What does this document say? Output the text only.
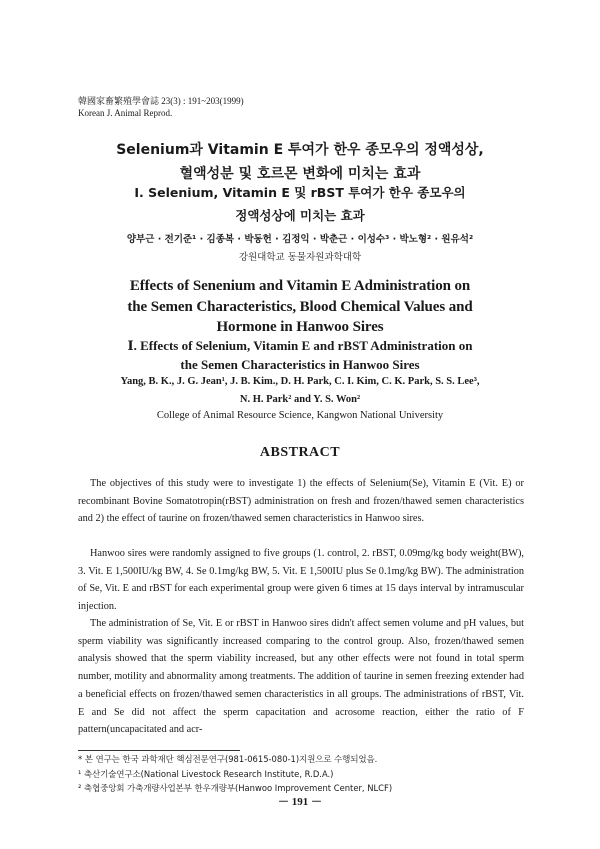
韓國家畜繁殖學會誌 23(3) : 191~203(1999)
Korean J. Animal Reprod.
Selenium과 Vitamin E 투여가 한우 종모우의 정액성상,
혈액성분 및 호르몬 변화에 미치는 효과
Ⅰ. Selenium, Vitamin E 및 rBST 투여가 한우 종모우의
정액성상에 미치는 효과
양부근 · 전기준¹ · 김종복 · 박동헌 · 김정익 · 박춘근 · 이성수³ · 박노형² · 원유석²
강원대학교 동물자원과학대학
Effects of Senenium and Vitamin E Administration on
the Semen Characteristics, Blood Chemical Values and
Hormone in Hanwoo Sires
Ⅰ. Effects of Selenium, Vitamin E and rBST Administration on
the Semen Characteristics in Hanwoo Sires
Yang, B. K., J. G. Jean¹, J. B. Kim., D. H. Park, C. I. Kim, C. K. Park, S. S. Lee³,
N. H. Park² and Y. S. Won²
College of Animal Resource Science, Kangwon National University
ABSTRACT
The objectives of this study were to investigate 1) the effects of Selenium(Se), Vitamin E (Vit. E) or recombinant Bovine Somatotropin(rBST) administration on fresh and frozen/thawed semen characteristics and 2) the effect of taurine on frozen/thawed semen characteristics in Hanwoo sires.
Hanwoo sires were randomly assigned to five groups (1. control, 2. rBST, 0.09mg/kg body weight(BW), 3. Vit. E 1,500IU/kg BW, 4. Se 0.1mg/kg BW, 5. Vit. E 1,500IU plus Se 0.1mg/kg BW). The administration of Se, Vit. E and rBST for each experimental group were given 6 times at 15 days interval by intramuscular injection.
The administration of Se, Vit. E or rBST in Hanwoo sires didn't affect semen volume and pH values, but sperm viability was significantly increased comparing to the control group. Also, frozen/thawed semen analysis showed that the sperm viability increased, but any other effects were not found in total sperm number, motility and abnormality among treatments. The addition of taurine in semen freezing extender had a beneficial effects on frozen/thawed semen characteristics in all groups. The administrations of rBST, Vit. E and Se did not affect the sperm capacitation and acrosome reaction, either the ratio of F pattern(uncapacitated and acr-
* 본 연구는 한국 과학재단 핵심전문연구(981-0615-080-1)지원으로 수행되었음.
¹ 축산기술연구소(National Livestock Research Institute, R.D.A.)
² 축협중앙회 가축개량사업본부 한우개량부(Hanwoo Improvement Center, NLCF)
－ 191 －
